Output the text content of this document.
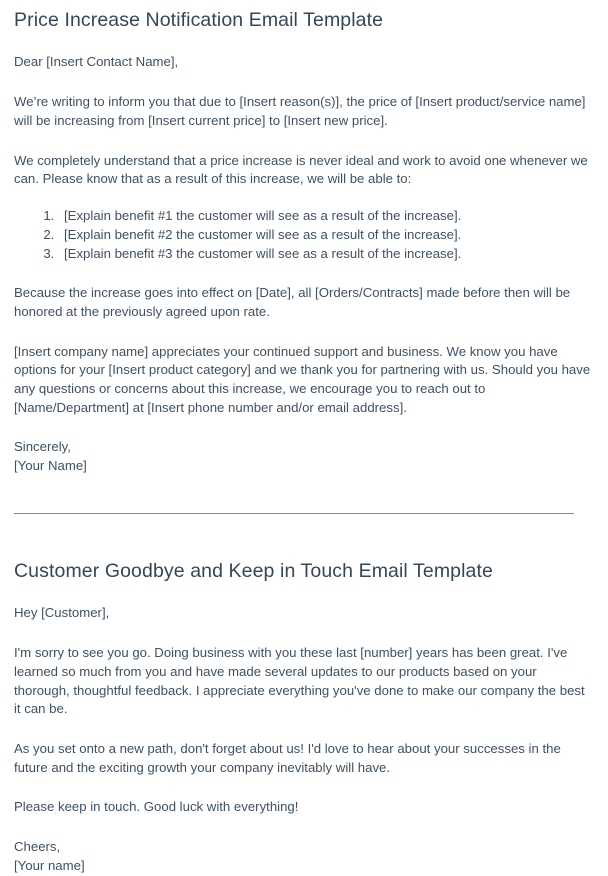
Price Increase Notification Email Template

Dear [Insert Contact Name],

We’re writing to inform you that due to [Insert reason(s)], the price of [Insert product/service name] will be increasing from [Insert current price] to [Insert new price].

We completely understand that a price increase is never ideal and work to avoid one whenever we can. Please know that as a result of this increase, we will be able to:

1. [Explain benefit #1 the customer will see as a result of the increase].
2. [Explain benefit #2 the customer will see as a result of the increase].
3. [Explain benefit #3 the customer will see as a result of the increase].

Because the increase goes into effect on [Date], all [Orders/Contracts] made before then will be honored at the previously agreed upon rate.

[Insert company name] appreciates your continued support and business. We know you have options for your [Insert product category] and we thank you for partnering with us. Should you have any questions or concerns about this increase, we encourage you to reach out to [Name/Department] at [Insert phone number and/or email address].

Sincerely,
[Your Name]

Customer Goodbye and Keep in Touch Email Template

Hey [Customer],

I'm sorry to see you go. Doing business with you these last [number] years has been great. I've learned so much from you and have made several updates to our products based on your thorough, thoughtful feedback. I appreciate everything you've done to make our company the best it can be.

As you set onto a new path, don't forget about us! I'd love to hear about your successes in the future and the exciting growth your company inevitably will have.

Please keep in touch. Good luck with everything!

Cheers,
[Your name]
